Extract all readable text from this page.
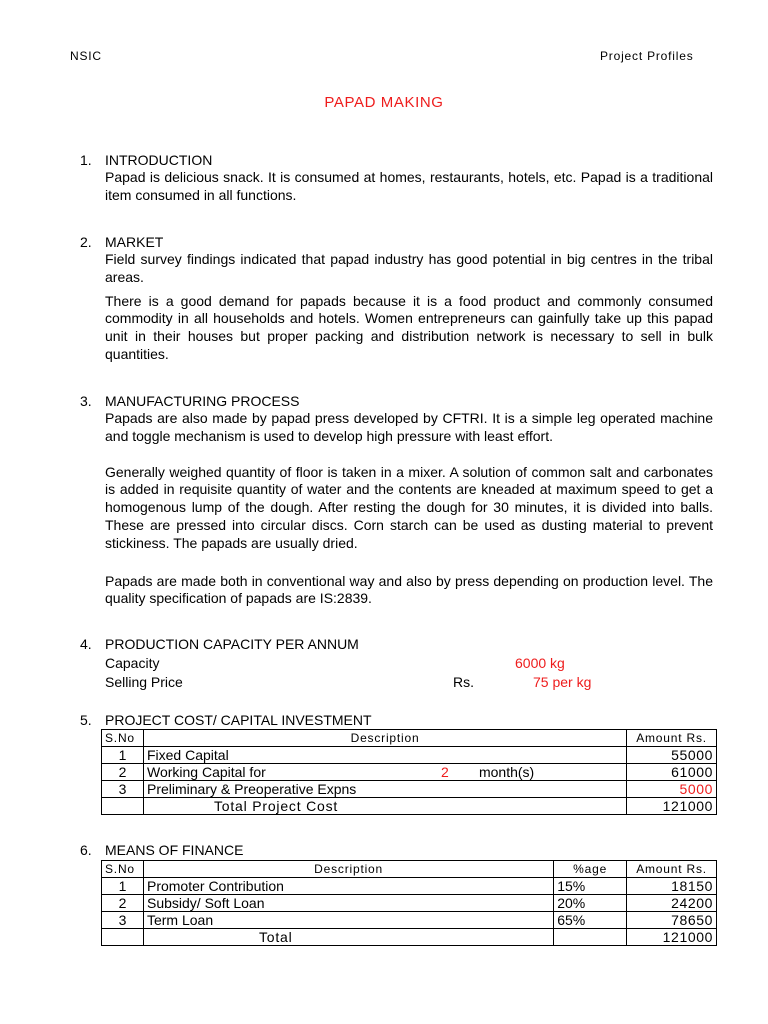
NSIC	Project Profiles
PAPAD MAKING
1. INTRODUCTION
Papad is delicious snack. It is consumed at homes, restaurants, hotels, etc. Papad is a traditional item consumed in all functions.
2. MARKET
Field survey findings indicated that papad industry has good potential in big centres in the tribal areas.
There is a good demand for papads because it is a food product and commonly consumed commodity in all households and hotels. Women entrepreneurs can gainfully take up this papad unit in their houses but proper packing and distribution network is necessary to sell in bulk quantities.
3. MANUFACTURING PROCESS
Papads are also made by papad press developed by CFTRI. It is a simple leg operated machine and toggle mechanism is used to develop high pressure with least effort.
Generally weighed quantity of floor is taken in a mixer. A solution of common salt and carbonates is added in requisite quantity of water and the contents are kneaded at maximum speed to get a homogenous lump of the dough. After resting the dough for 30 minutes, it is divided into balls. These are pressed into circular discs. Corn starch can be used as dusting material to prevent stickiness. The papads are usually dried.
Papads are made both in conventional way and also by press depending on production level. The quality specification of papads are IS:2839.
4. PRODUCTION CAPACITY PER ANNUM
Capacity	6000 kg
Selling Price	Rs.	75 per kg
5. PROJECT COST/ CAPITAL INVESTMENT
S.No	Description	Amount Rs.
1	Fixed Capital	55000
2	Working Capital for 2 month(s)	61000
3	Preliminary & Preoperative Expns	5000
	Total Project Cost	121000
6. MEANS OF FINANCE
S.No	Description	%age	Amount Rs.
1	Promoter Contribution	15%	18150
2	Subsidy/ Soft Loan	20%	24200
3	Term Loan	65%	78650
	Total		121000
